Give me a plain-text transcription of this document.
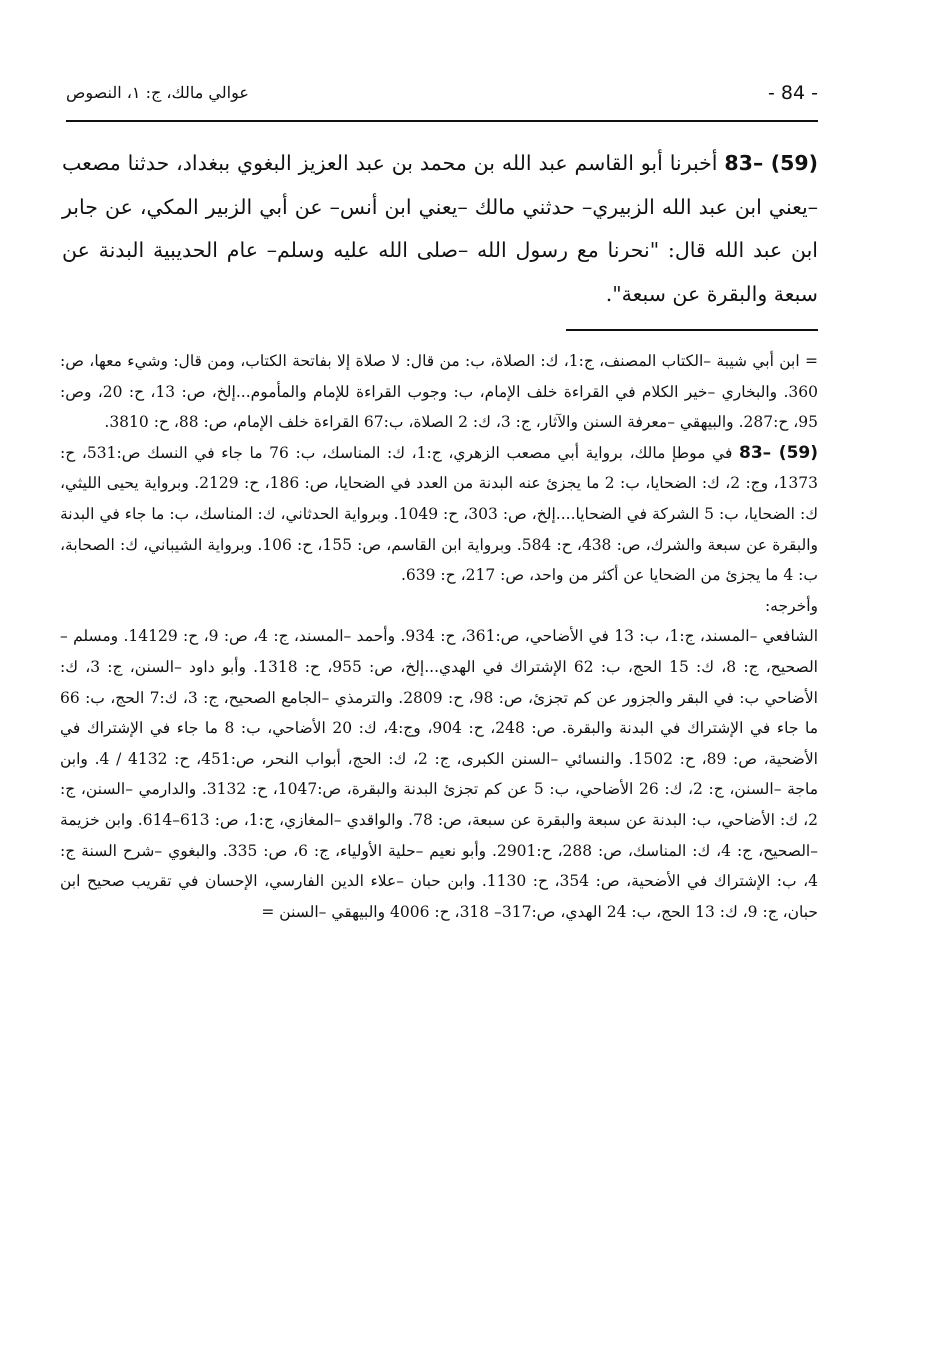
- 84 -
عوالي مالك، ج: ١، النصوص
83– (59) أخبرنا أبو القاسم عبد الله بن محمد بن عبد العزيز البغوي ببغداد، حدثنا مصعب –يعني ابن عبد الله الزبيري– حدثني مالك –يعني ابن أنس– عن أبي الزبير المكي، عن جابر ابن عبد الله قال: "نحرنا مع رسول الله –صلى الله عليه وسلم– عام الحديبية البدنة عن سبعة والبقرة عن سبعة".

= ابن أبي شيبة –الكتاب المصنف، ج:1، ك: الصلاة، ب: من قال: لا صلاة إلا بفاتحة الكتاب، ومن قال: وشيء معها، ص: 360. والبخاري –خير الكلام في القراءة خلف الإمام، ب: وجوب القراءة للإمام والمأموم...إلخ، ص: 13، ح: 20، وص: 95، ح:287. والبيهقي –معرفة السنن والآثار، ج: 3، ك: 2 الصلاة، ب:67 القراءة خلف الإمام، ص: 88، ح: 3810.

83– (59) في موطإ مالك، برواية أبي مصعب الزهري، ج:1، ك: المناسك، ب: 76 ما جاء في النسك ص:531، ح: 1373، وج: 2، ك: الضحايا، ب: 2 ما يجزئ عنه البدنة من العدد في الضحايا، ص: 186، ح: 2129. وبرواية يحيى الليثي، ك: الضحايا، ب: 5 الشركة في الضحايا....إلخ، ص: 303، ح: 1049. وبرواية الحدثاني، ك: المناسك، ب: ما جاء في البدنة والبقرة عن سبعة والشرك، ص: 438، ح: 584. وبرواية ابن القاسم، ص: 155، ح: 106. وبرواية الشيباني، ك: الصحابة، ب: 4 ما يجزئ من الضحايا عن أكثر من واحد، ص: 217، ح: 639.

وأخرجه:

الشافعي –المسند، ج:1، ب: 13 في الأضاحي، ص:361، ح: 934. وأحمد –المسند، ج: 4، ص: 9، ح: 14129. ومسلم –الصحيح، ج: 8، ك: 15 الحج، ب: 62 الإشتراك في الهدي...إلخ، ص: 955، ح: 1318. وأبو داود –السنن، ج: 3، ك: الأضاحي ب: في البقر والجزور عن كم تجزئ، ص: 98، ح: 2809. والترمذي –الجامع الصحيح، ج: 3، ك:7 الحج، ب: 66 ما جاء في الإشتراك في البدنة والبقرة. ص: 248، ح: 904، وج:4، ك: 20 الأضاحي، ب: 8 ما جاء في الإشتراك في الأضحية، ص: 89، ح: 1502. والنسائي –السنن الكبرى، ج: 2، ك: الحج، أبواب النحر، ص:451، ح: 4132 / 4. وابن ماجة –السنن، ج: 2، ك: 26 الأضاحي، ب: 5 عن كم تجزئ البدنة والبقرة، ص:1047، ح: 3132. والدارمي –السنن، ج: 2، ك: الأضاحي، ب: البدنة عن سبعة والبقرة عن سبعة، ص: 78. والواقدي –المغازي، ج:1، ص: 613–614. وابن خزيمة –الصحيح، ج: 4، ك: المناسك، ص: 288، ح:2901. وأبو نعيم –حلية الأولياء، ج: 6، ص: 335. والبغوي –شرح السنة ج: 4، ب: الإشتراك في الأضحية، ص: 354، ح: 1130. وابن حبان –علاء الدين الفارسي، الإحسان في تقريب صحيح ابن حبان، ج: 9، ك: 13 الحج، ب: 24 الهدي، ص:317– 318، ح: 4006 والبيهقي –السنن =
